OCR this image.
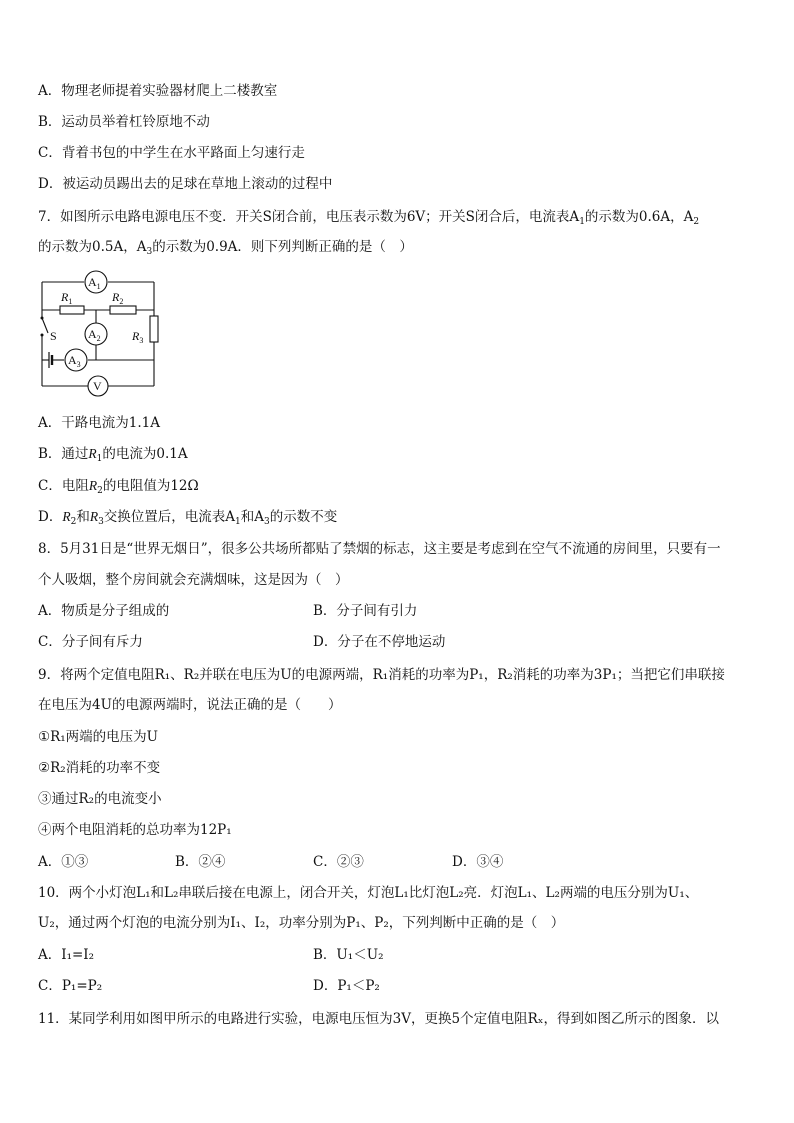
A．物理老师提着实验器材爬上二楼教室
B．运动员举着杠铃原地不动
C．背着书包的中学生在水平路面上匀速行走
D．被运动员踢出去的足球在草地上滚动的过程中
7．如图所示电路电源电压不变．开关S闭合前，电压表示数为6V；开关S闭合后，电流表$A_1$的示数为0.6A，$A_2$
的示数为0.5A，$A_3$的示数为0.9A．则下列判断正确的是（　）
$A_1$
$A_2$
$A_3$
V
$R_1$	$R_2$
$R_3$
S
A．干路电流为1.1A
B．通过$R_1$的电流为0.1A
C．电阻$R_2$的电阻值为12Ω
D．$R_2$和$R_3$交换位置后，电流表$A_1$和$A_3$的示数不变
8．5月31日是“世界无烟日”，很多公共场所都贴了禁烟的标志，这主要是考虑到在空气不流通的房间里，只要有一
个人吸烟，整个房间就会充满烟味，这是因为（　）
A．物质是分子组成的	B．分子间有引力
C．分子间有斥力	D．分子在不停地运动
9．将两个定值电阻R₁、R₂并联在电压为U的电源两端，R₁消耗的功率为P₁，R₂消耗的功率为3P₁；当把它们串联接
在电压为4U的电源两端时，说法正确的是（　　）
①R₁两端的电压为U
②R₂消耗的功率不变
③通过R₂的电流变小
④两个电阻消耗的总功率为12P₁
A．①③	B．②④	C．②③	D．③④
10．两个小灯泡L₁和L₂串联后接在电源上，闭合开关，灯泡L₁比灯泡L₂亮．灯泡L₁、L₂两端的电压分别为U₁、
U₂，通过两个灯泡的电流分别为I₁、I₂，功率分别为P₁、P₂，下列判断中正确的是（　）
A．I₁=I₂	B．U₁＜U₂
C．P₁=P₂	D．P₁＜P₂
11．某同学利用如图甲所示的电路进行实验，电源电压恒为3V，更换5个定值电阻Rₓ，得到如图乙所示的图象．以
